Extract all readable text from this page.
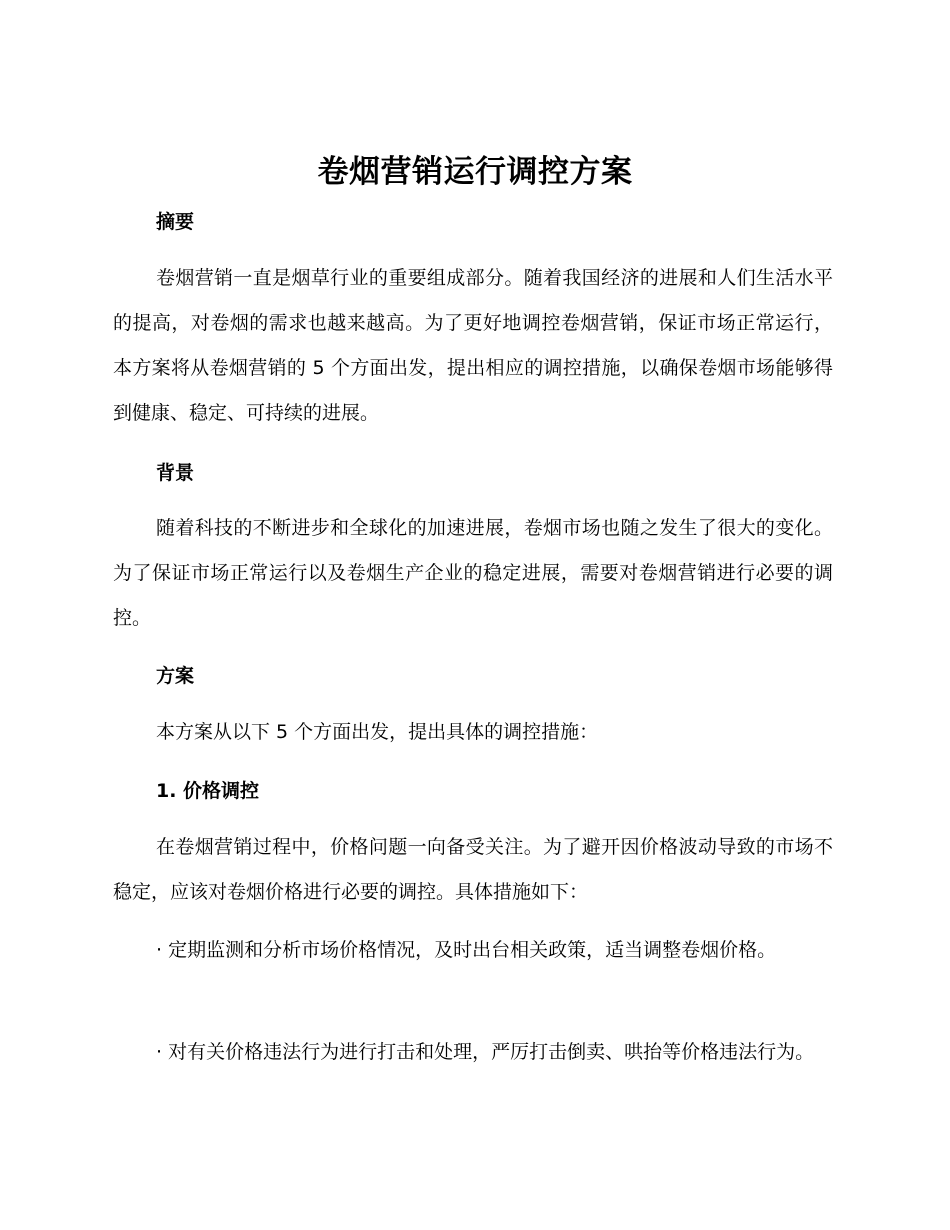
卷烟营销运行调控方案
摘要
卷烟营销一直是烟草行业的重要组成部分。随着我国经济的进展和人们生活水平的提高，对卷烟的需求也越来越高。为了更好地调控卷烟营销，保证市场正常运行，本方案将从卷烟营销的 5 个方面出发，提出相应的调控措施，以确保卷烟市场能够得到健康、稳定、可持续的进展。
背景
随着科技的不断进步和全球化的加速进展，卷烟市场也随之发生了很大的变化。为了保证市场正常运行以及卷烟生产企业的稳定进展，需要对卷烟营销进行必要的调控。
方案
本方案从以下 5 个方面出发，提出具体的调控措施：
1. 价格调控
在卷烟营销过程中，价格问题一向备受关注。为了避开因价格波动导致的市场不稳定，应该对卷烟价格进行必要的调控。具体措施如下：
· 定期监测和分析市场价格情况，及时出台相关政策，适当调整卷烟价格。
· 对有关价格违法行为进行打击和处理，严厉打击倒卖、哄抬等价格违法行为。
